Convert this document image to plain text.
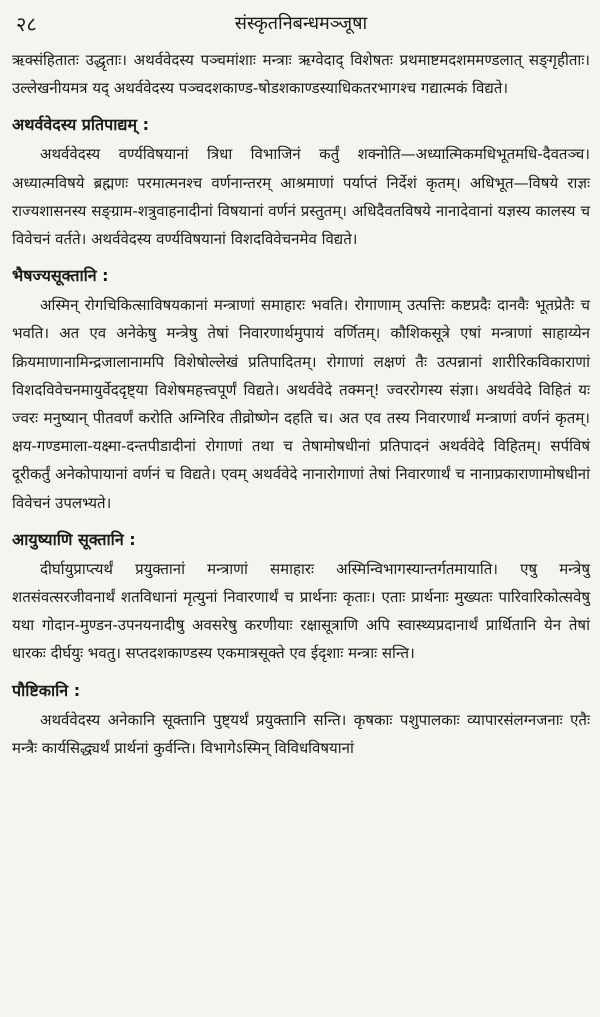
२८	संस्कृतनिबन्धमञ्जूषा

ऋक्संहितातः उद्धृताः। अथर्ववेदस्य पञ्चमांशाः मन्त्राः ऋग्वेदाद् विशेषतः प्रथमाष्टमदशममण्डलात् सङ्गृहीताः। उल्लेखनीयमत्र यद् अथर्ववेदस्य पञ्चदशकाण्ड-षोडशकाण्डस्याधिकतरभागश्च गद्यात्मकं विद्यते।

अथर्ववेदस्य प्रतिपाद्यम् :

अथर्ववेदस्य वर्ण्यविषयानां त्रिधा विभाजिनं कर्तुं शक्नोति—अध्यात्मिकमधिभूतमधि-दैवतञ्च। अध्यात्मविषये ब्रह्मणः परमात्मनश्च वर्णनान्तरम् आश्रमाणां पर्याप्तं निर्देशं कृतम्। अधिभूत—विषये राज्ञः राज्यशासनस्य सङ्ग्राम-शत्रुवाहनादीनां विषयानां वर्णनं प्रस्तुतम्। अधिदैवतविषये नानादेवानां यज्ञस्य कालस्य च विवेचनं वर्तते। अथर्ववेदस्य वर्ण्यविषयानां विशदविवेचनमेव विद्यते।

भैषज्यसूक्तानि :

अस्मिन् रोगचिकित्साविषयकानां मन्त्राणां समाहारः भवति। रोगाणाम् उत्पत्तिः कष्टप्रदैः दानवैः भूतप्रेतैः च भवति। अत एव अनेकेषु मन्त्रेषु तेषां निवारणार्थमुपायं वर्णितम्। कौशिकसूत्रे एषां मन्त्राणां साहाय्येन क्रियमाणानामिन्द्रजालानामपि विशेषोल्लेखं प्रतिपादितम्। रोगाणां लक्षणं तैः उत्पन्नानां शारीरिकविकाराणां विशदविवेचनमायुर्वेददृष्ट्या विशेषमहत्त्वपूर्णं विद्यते। अथर्ववेदे तक्मन्! ज्वररोगस्य संज्ञा। अथर्ववेदे विहितं यः ज्वरः मनुष्यान् पीतवर्णं करोति अग्निरिव तीव्रोष्णेन दहति च। अत एव तस्य निवारणार्थं मन्त्राणां वर्णनं कृतम्। क्षय-गण्डमाला-यक्ष्मा-दन्तपीडादीनां रोगाणां तथा च तेषामोषधीनां प्रतिपादनं अथर्ववेदे विहितम्। सर्पविषं दूरीकर्तुं अनेकोपायानां वर्णनं च विद्यते। एवम् अथर्ववेदे नानारोगाणां तेषां निवारणार्थं च नानाप्रकाराणामोषधीनां विवेचनं उपलभ्यते।

आयुष्याणि सूक्तानि :

दीर्घायुप्राप्त्यर्थं प्रयुक्तानां मन्त्राणां समाहारः अस्मिन्विभागस्यान्तर्गतमायाति। एषु मन्त्रेषु शतसंवत्सरजीवनार्थं शतविधानां मृत्युनां निवारणार्थं च प्रार्थनाः कृताः। एताः प्रार्थनाः मुख्यतः पारिवारिकोत्सवेषु यथा गोदान-मुण्डन-उपनयनादीषु अवसरेषु करणीयाः रक्षासूत्राणि अपि स्वास्थ्यप्रदानार्थं प्रार्थितानि येन तेषां धारकः दीर्घयुः भवतु। सप्तदशकाण्डस्य एकमात्रसूक्ते एव ईदृशाः मन्त्राः सन्ति।

पौष्टिकानि :

अथर्ववेदस्य अनेकानि सूक्तानि पुष्ट्यर्थं प्रयुक्तानि सन्ति। कृषकाः पशुपालकाः व्यापारसंलग्नजनाः एतैः मन्त्रैः कार्यसिद्ध्यर्थं प्रार्थनां कुर्वन्ति। विभागेऽस्मिन् विविधविषयानां
